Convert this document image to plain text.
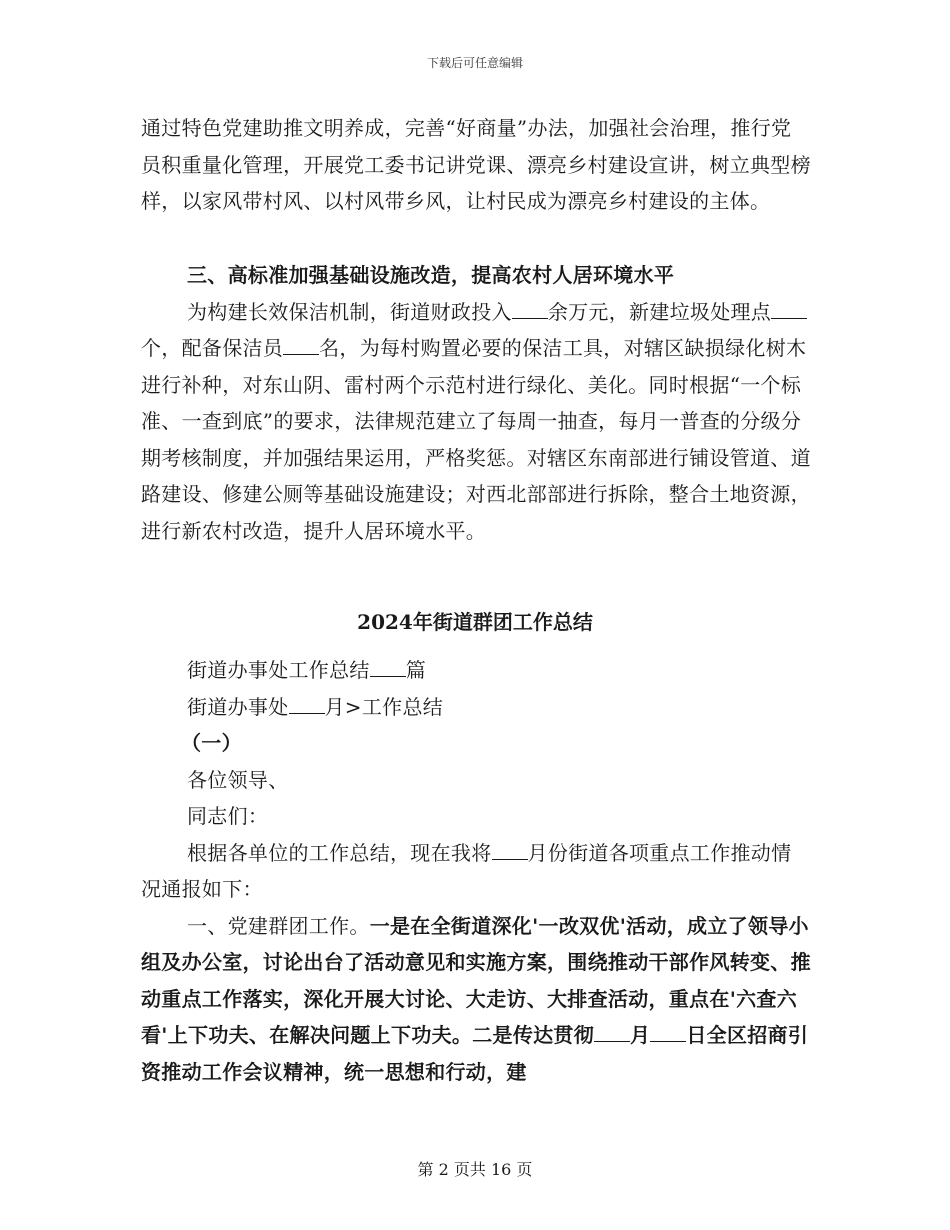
下载后可任意编辑

通过特色党建助推文明养成，完善“好商量”办法，加强社会治理，推行党员积重量化管理，开展党工委书记讲党课、漂亮乡村建设宣讲，树立典型榜样，以家风带村风、以村风带乡风，让村民成为漂亮乡村建设的主体。

三、高标准加强基础设施改造，提高农村人居环境水平

为构建长效保洁机制，街道财政投入 余万元，新建垃圾处理点个，配备保洁员 名，为每村购置必要的保洁工具，对辖区缺损绿化树木进行补种，对东山阴、雷村两个示范村进行绿化、美化。同时根据“一个标准、一查到底”的要求，法律规范建立了每周一抽查，每月一普查的分级分期考核制度，并加强结果运用，严格奖惩。对辖区东南部进行铺设管道、道路建设、修建公厕等基础设施建设；对西北部部进行拆除，整合土地资源，进行新农村改造，提升人居环境水平。

2024年街道群团工作总结

街道办事处工作总结 篇

街道办事处 月>工作总结

（一）

各位领导、

同志们：

根据各单位的工作总结，现在我将 月份街道各项重点工作推动情况通报如下：

一、党建群团工作。一是在全街道深化'一改双优'活动，成立了领导小组及办公室，讨论出台了活动意见和实施方案，围绕推动干部作风转变、推动重点工作落实，深化开展大讨论、大走访、大排查活动，重点在'六查六看'上下功夫、在解决问题上下功夫。二是传达贯彻 月 日全区招商引资推动工作会议精神，统一思想和行动，建

第 2 页共 16 页
